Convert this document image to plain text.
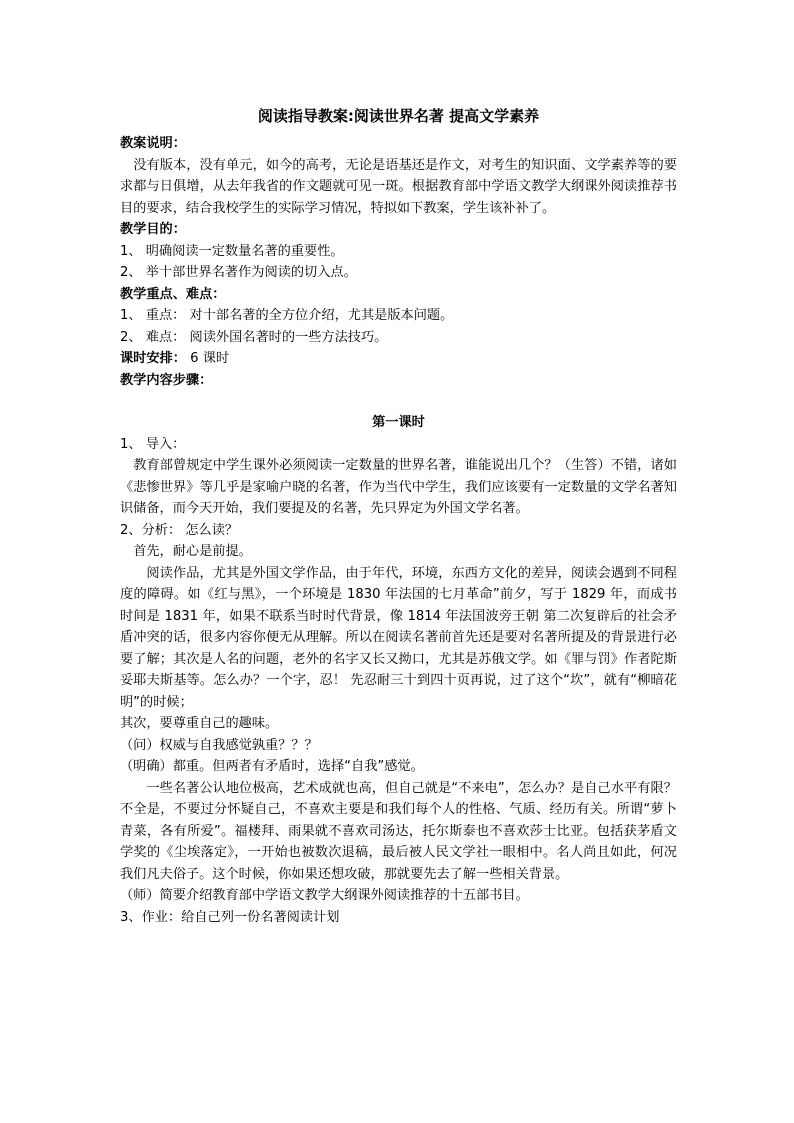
阅读指导教案:阅读世界名著 提高文学素养

教案说明：

没有版本，没有单元，如今的高考，无论是语基还是作文，对考生的知识面、文学素养等的要求都与日俱增，从去年我省的作文题就可见一斑。根据教育部中学语文教学大纲课外阅读推荐书目的要求，结合我校学生的实际学习情况，特拟如下教案，学生该补补了。

教学目的：

1、 明确阅读一定数量名著的重要性。

2、 举十部世界名著作为阅读的切入点。

教学重点、难点：

1、 重点： 对十部名著的全方位介绍，尤其是版本问题。

2、 难点： 阅读外国名著时的一些方法技巧。

课时安排： 6 课时

教学内容步骤：

第一课时

1、 导入：

教育部曾规定中学生课外必须阅读一定数量的世界名著，谁能说出几个？（生答）不错，诸如《悲惨世界》等几乎是家喻户晓的名著，作为当代中学生，我们应该要有一定数量的文学名著知识储备，而今天开始，我们要提及的名著，先只界定为外国文学名著。

2、分析： 怎么读？

首先，耐心是前提。

阅读作品，尤其是外国文学作品，由于年代，环境，东西方文化的差异，阅读会遇到不同程度的障碍。如《红与黑》，一个环境是 1830 年法国的七月革命”前夕，写于 1829 年，而成书时间是 1831 年，如果不联系当时时代背景，像 1814 年法国波旁王朝 第二次复辟后的社会矛盾冲突的话，很多内容你便无从理解。所以在阅读名著前首先还是要对名著所提及的背景进行必要了解；其次是人名的问题，老外的名字又长又拗口，尤其是苏俄文学。如《罪与罚》作者陀斯妥耶夫斯基等。怎么办？一个字，忍！ 先忍耐三十到四十页再说，过了这个“坎”，就有“柳暗花明”的时候；

其次，要尊重自己的趣味。

（问）权威与自我感觉孰重？？？

（明确）都重。但两者有矛盾时，选择“自我”感觉。

一些名著公认地位极高，艺术成就也高，但自己就是“不来电”，怎么办？是自己水平有限？不全是，不要过分怀疑自己，不喜欢主要是和我们每个人的性格、气质、经历有关。所谓“萝卜青菜，各有所爱”。福楼拜、雨果就不喜欢司汤达，托尔斯泰也不喜欢莎士比亚。包括获茅盾文学奖的《尘埃落定》，一开始也被数次退稿，最后被人民文学社一眼相中。名人尚且如此，何况我们凡夫俗子。这个时候，你如果还想攻破，那就要先去了解一些相关背景。

（师）简要介绍教育部中学语文教学大纲课外阅读推荐的十五部书目。

3、作业：给自己列一份名著阅读计划
